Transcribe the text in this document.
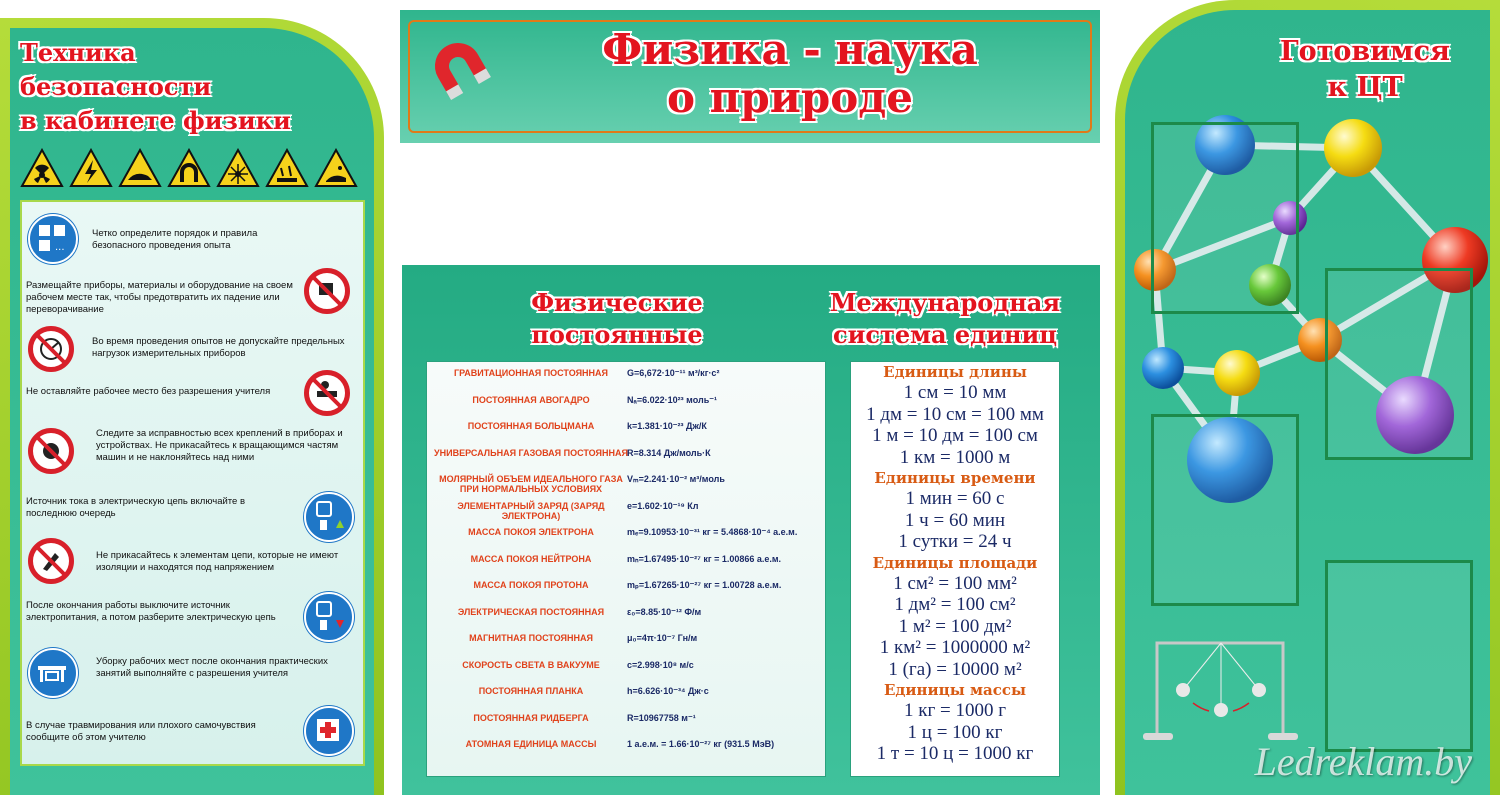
Техника
безопасности
в кабинете физики
...
Четко определите порядок и правила безопасного проведения опыта
Размещайте приборы, материалы и оборудование на своем рабочем месте так, чтобы предотвратить их падение или переворачивание
Во время проведения опытов не допускайте предельных нагрузок измерительных приборов
Не оставляйте рабочее место без разрешения учителя
Следите за исправностью всех креплений в приборах и устройствах. Не прикасайтесь к вращающимся частям машин и не наклоняйтесь над ними
Источник тока в электрическую цепь включайте в последнюю очередь
Не прикасайтесь к элементам цепи, которые не имеют изоляции и находятся под напряжением
После окончания работы выключите источник электропитания, а потом разберите электрическую цепь
Уборку рабочих мест после окончания практических занятий выполняйте с разрешения учителя
В случае травмирования или плохого самочувствия сообщите об этом учителю
Физика - наука
о природе
Физические
постоянные
Международная
система единиц
ГРАВИТАЦИОННАЯ ПОСТОЯННАЯ	G=6,672·10⁻¹¹ м³/кг·с²
ПОСТОЯННАЯ АВОГАДРО	Nₐ=6.022·10²³ моль⁻¹
ПОСТОЯННАЯ БОЛЬЦМАНА	k=1.381·10⁻²³ Дж/К
УНИВЕРСАЛЬНАЯ ГАЗОВАЯ ПОСТОЯННАЯ R=8.314 Дж/моль·К
МОЛЯРНЫЙ ОБЪЕМ ИДЕАЛЬНОГО ГАЗА ПРИ НОРМАЛЬНЫХ УСЛОВИЯХ
Vₘ=2.241·10⁻² м³/моль
ЭЛЕМЕНТАРНЫЙ ЗАРЯД (ЗАРЯД ЭЛЕКТРОНА)
e=1.602·10⁻¹⁹ Кл
МАССА ПОКОЯ ЭЛЕКТРОНА	mₑ=9.10953·10⁻³¹ кг = 5.4868·10⁻⁴ а.е.м.
МАССА ПОКОЯ НЕЙТРОНА	mₙ=1.67495·10⁻²⁷ кг = 1.00866 а.е.м.
МАССА ПОКОЯ ПРОТОНА	mₚ=1.67265·10⁻²⁷ кг = 1.00728 а.е.м.
ЭЛЕКТРИЧЕСКАЯ ПОСТОЯННАЯ	ε₀=8.85·10⁻¹² Ф/м
МАГНИТНАЯ ПОСТОЯННАЯ	μ₀=4π·10⁻⁷ Гн/м
СКОРОСТЬ СВЕТА В ВАКУУМЕ	c=2.998·10⁸ м/с
ПОСТОЯННАЯ ПЛАНКА	h=6.626·10⁻³⁴ Дж·с
ПОСТОЯННАЯ РИДБЕРГА	R=10967758 м⁻¹
АТОМНАЯ ЕДИНИЦА МАССЫ	1 а.е.м. = 1.66·10⁻²⁷ кг (931.5 МэВ)
Единицы длины
1 см = 10 мм
1 дм = 10 см = 100 мм
1 м = 10 дм = 100 см
1 км = 1000 м
Единицы времени
1 мин = 60 с
1 ч = 60 мин
1 сутки = 24 ч
Единицы площади
1 см² = 100 мм²
1 дм² = 100 см²
1 м² = 100 дм²
1 км² = 1000000 м²
1 (га) = 10000 м²
Единицы массы
1 кг = 1000 г
1 ц = 100 кг
1 т = 10 ц = 1000 кг
Готовимся
к ЦТ
Ledreklam.by
